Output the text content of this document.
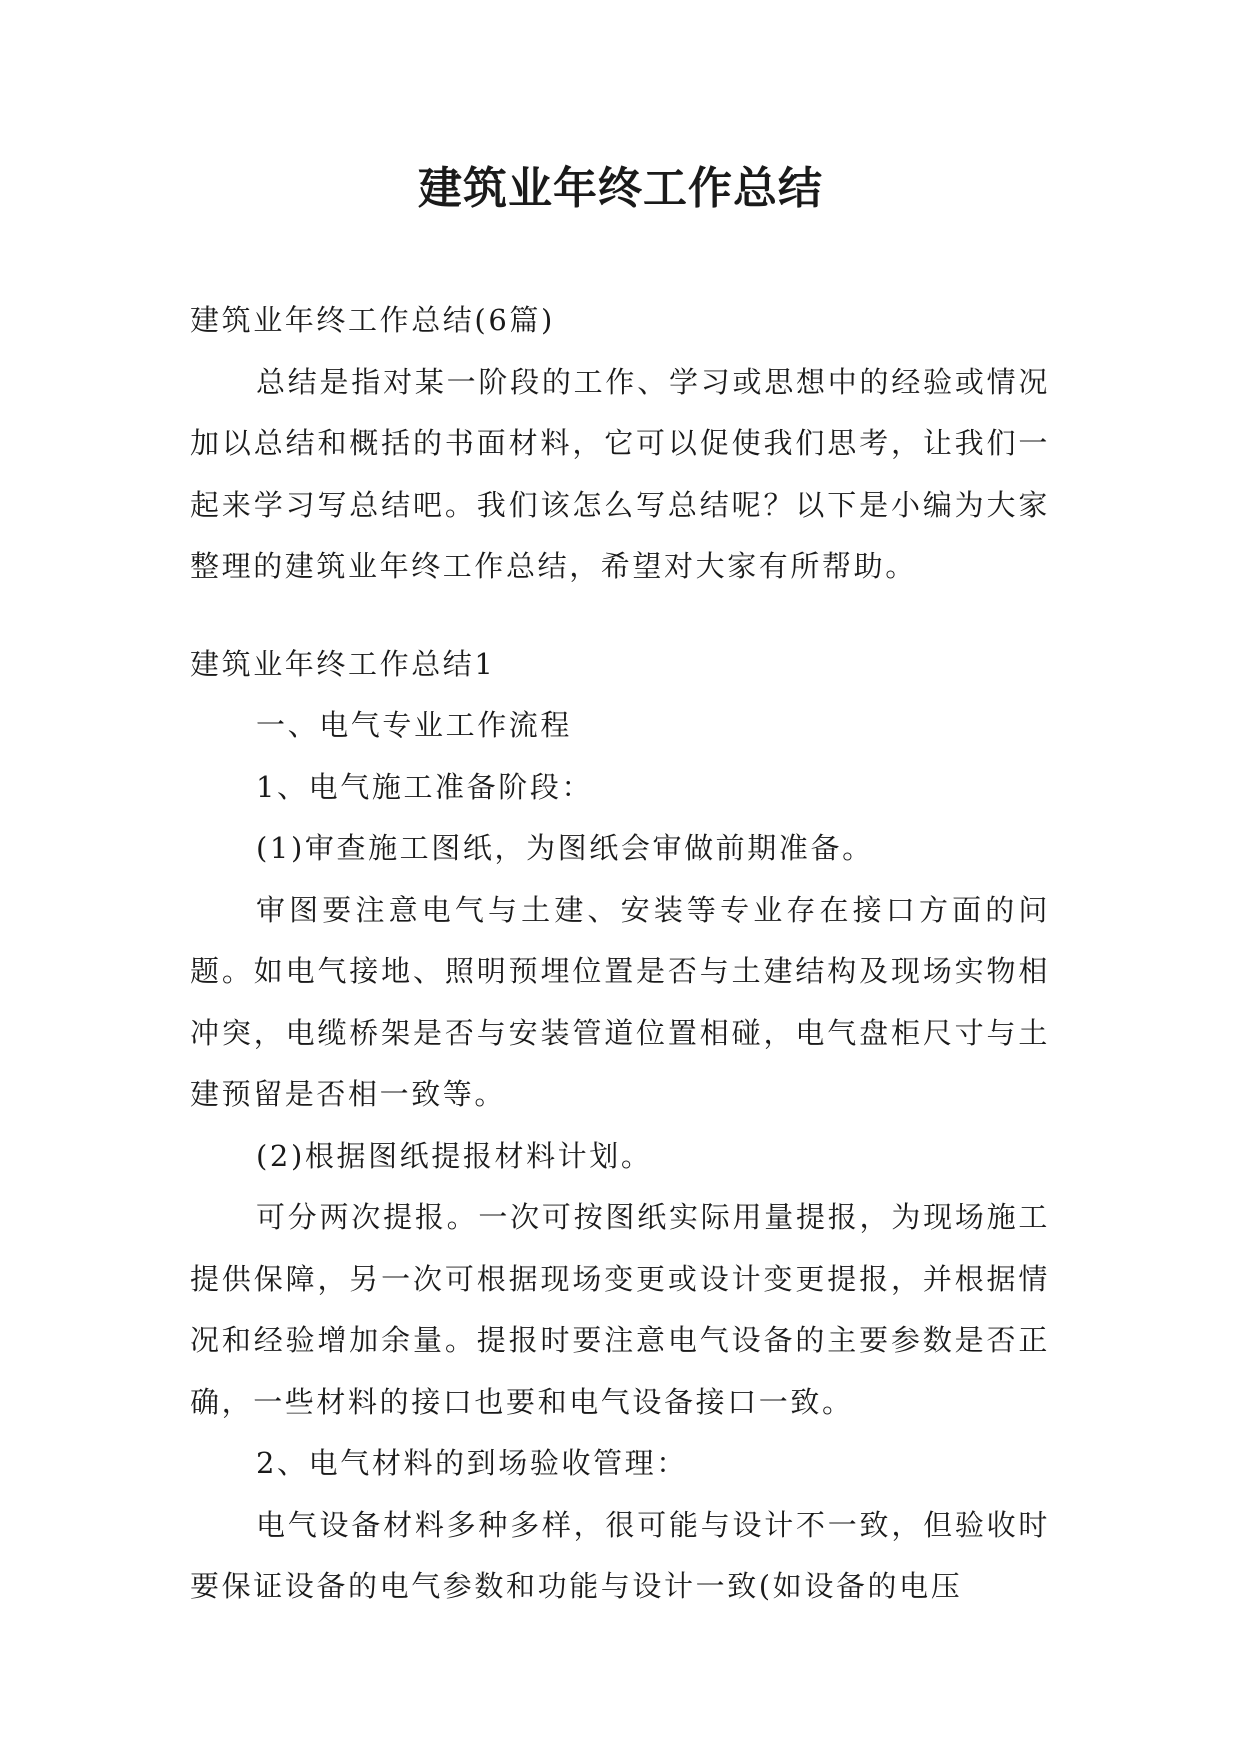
建筑业年终工作总结

建筑业年终工作总结(6篇)

总结是指对某一阶段的工作、学习或思想中的经验或情况加以总结和概括的书面材料，它可以促使我们思考，让我们一起来学习写总结吧。我们该怎么写总结呢？以下是小编为大家整理的建筑业年终工作总结，希望对大家有所帮助。

建筑业年终工作总结1

一、电气专业工作流程

1、电气施工准备阶段：

(1)审查施工图纸，为图纸会审做前期准备。

审图要注意电气与土建、安装等专业存在接口方面的问题。如电气接地、照明预埋位置是否与土建结构及现场实物相冲突，电缆桥架是否与安装管道位置相碰，电气盘柜尺寸与土建预留是否相一致等。

(2)根据图纸提报材料计划。

可分两次提报。一次可按图纸实际用量提报，为现场施工提供保障，另一次可根据现场变更或设计变更提报，并根据情况和经验增加余量。提报时要注意电气设备的主要参数是否正确，一些材料的接口也要和电气设备接口一致。

2、电气材料的到场验收管理：

电气设备材料多种多样，很可能与设计不一致，但验收时要保证设备的电气参数和功能与设计一致(如设备的电压
